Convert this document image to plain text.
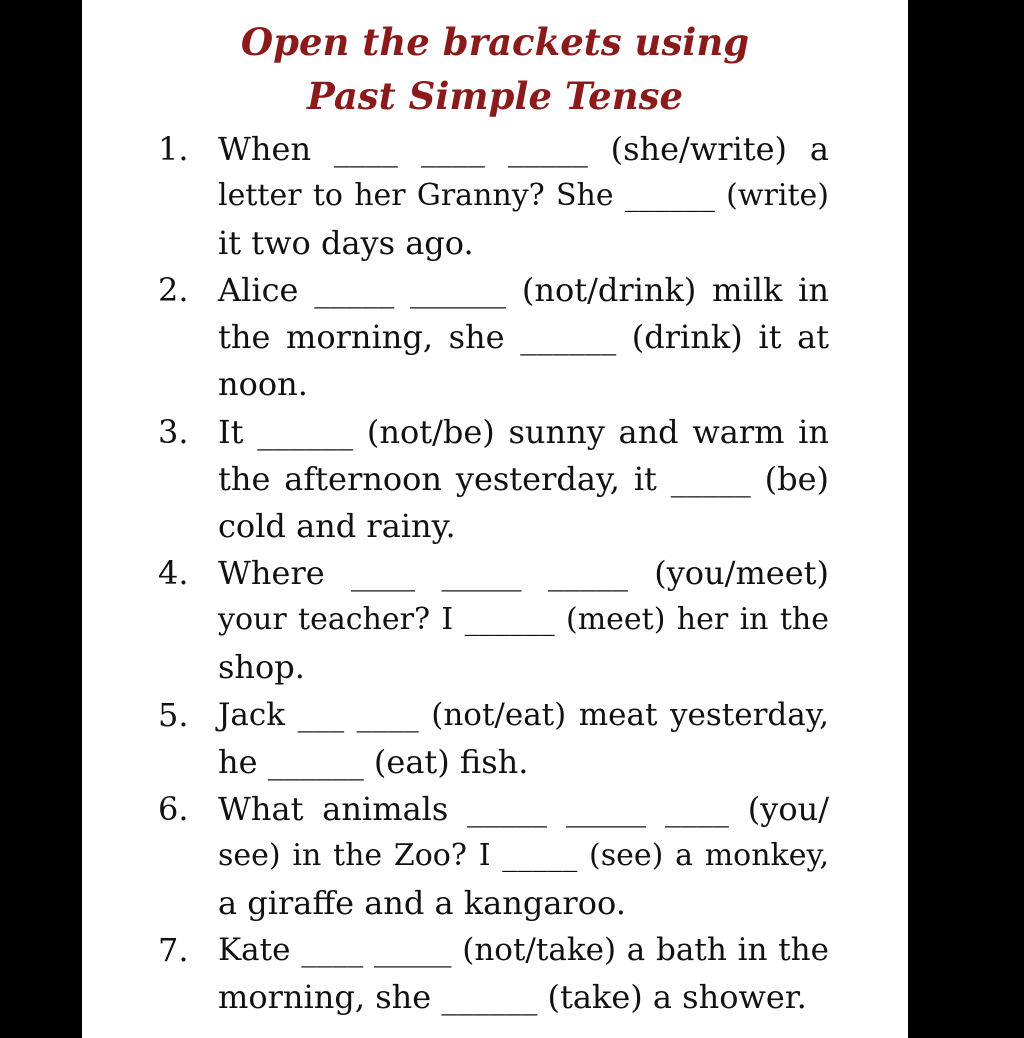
Open the brackets using
Past Simple Tense
1. When ____ ____ _____ (she/write) a
letter to her Granny? She ______ (write)
it two days ago.
2. Alice _____ ______ (not/drink) milk in
the morning, she ______ (drink) it at
noon.
3. It ______ (not/be) sunny and warm in
the afternoon yesterday, it _____ (be)
cold and rainy.
4. Where ____ _____ _____ (you/meet)
your teacher? I ______ (meet) her in the
shop.
5. Jack ___ ____ (not/eat) meat yesterday,
he ______ (eat) fish.
6. What animals _____ _____ ____ (you/
see) in the Zoo? I _____ (see) a monkey,
a giraffe and a kangaroo.
7. Kate ____ _____ (not/take) a bath in the
morning, she ______ (take) a shower.
